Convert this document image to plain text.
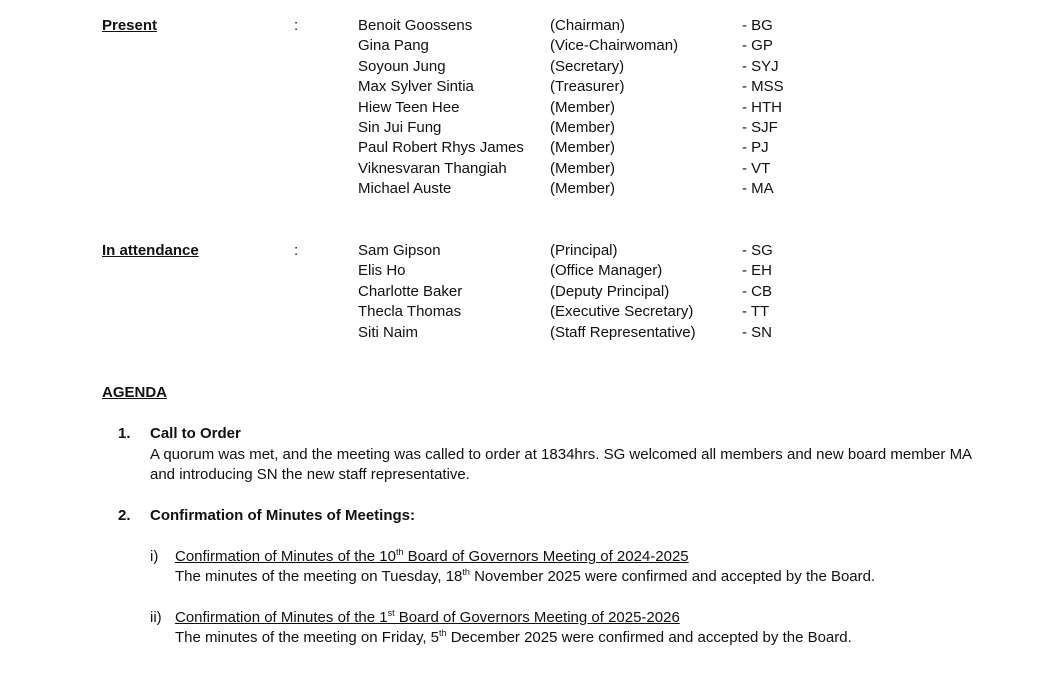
Present	:	Benoit Goossens	(Chairman)	- BG
Gina Pang	(Vice-Chairwoman)	- GP
Soyoun Jung	(Secretary)	- SYJ
Max Sylver Sintia	(Treasurer)	- MSS
Hiew Teen Hee	(Member)	- HTH
Sin Jui Fung	(Member)	- SJF
Paul Robert Rhys James (Member)	- PJ
Viknesvaran Thangiah	(Member)	- VT
Michael Auste	(Member)	- MA
In attendance	:	Sam Gipson	(Principal)	- SG
Elis Ho	(Office Manager)	- EH
Charlotte Baker	(Deputy Principal)	- CB
Thecla Thomas	(Executive Secretary)	- TT
Siti Naim	(Staff Representative)	- SN
AGENDA
1. Call to Order
A quorum was met, and the meeting was called to order at 1834hrs. SG welcomed all members and new board member MA
and introducing SN the new staff representative.
2. Confirmation of Minutes of Meetings:
i) Confirmation of Minutes of the 10th Board of Governors Meeting of 2024-2025
The minutes of the meeting on Tuesday, 18th November 2025 were confirmed and accepted by the Board.
ii) Confirmation of Minutes of the 1st Board of Governors Meeting of 2025-2026
The minutes of the meeting on Friday, 5th December 2025 were confirmed and accepted by the Board.
